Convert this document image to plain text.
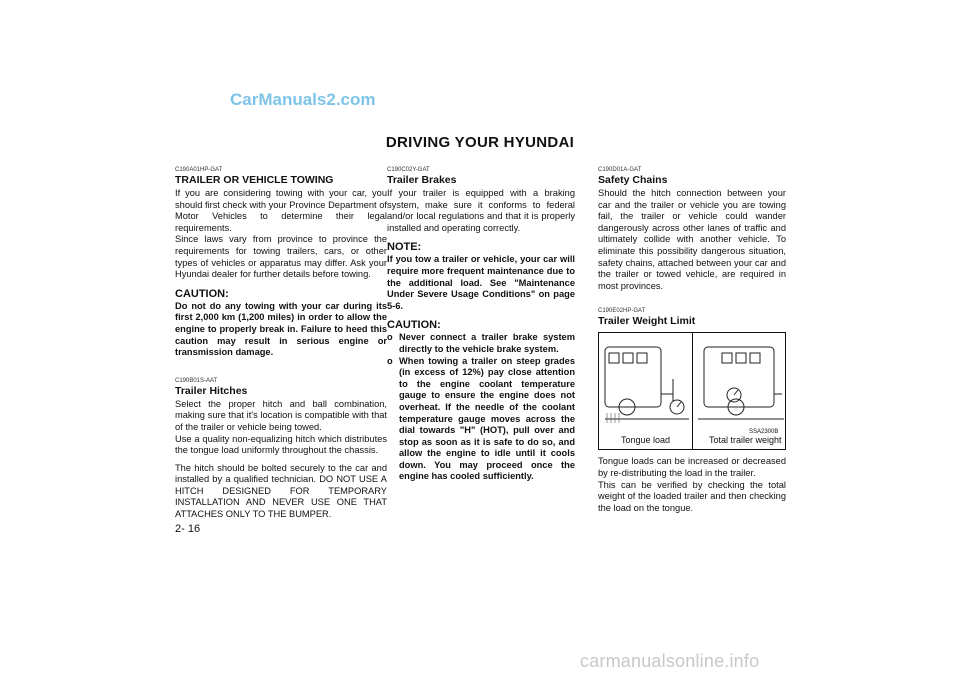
CarManuals2.com
DRIVING YOUR HYUNDAI

C190A01HP-GAT

TRAILER OR VEHICLE TOWING

If you are considering towing with your car, you should first check with your Province Department of Motor Vehicles to determine their legal requirements.

Since laws vary from province to province the requirements for towing trailers, cars, or other types of vehicles or apparatus may differ. Ask your Hyundai dealer for further details before towing.

CAUTION:

Do not do any towing with your car during its first 2,000 km (1,200 miles) in order to allow the engine to properly break in. Failure to heed this caution may result in serious engine or transmission damage.

C190B01S-AAT

Trailer Hitches

Select the proper hitch and ball combination, making sure that it's location is compatible with that of the trailer or vehicle being towed.

Use a quality non-equalizing hitch which distributes the tongue load uniformly throughout the chassis.

The hitch should be bolted securely to the car and installed by a qualified technician. DO NOT USE A HITCH DESIGNED FOR TEMPORARY INSTALLATION AND NEVER USE ONE THAT ATTACHES ONLY TO THE BUMPER.

C190C02Y-GAT

Trailer Brakes

If your trailer is equipped with a braking system, make sure it conforms to federal and/or local regulations and that it is properly installed and operating correctly.

NOTE:

If you tow a trailer or vehicle, your car will require more frequent maintenance due to the additional load. See "Maintenance Under Severe Usage Conditions" on page 5-6.

CAUTION:

o Never connect a trailer brake system directly to the vehicle brake system.
o When towing a trailer on steep grades (in excess of 12%) pay close attention to the engine coolant temperature gauge to ensure the engine does not overheat. If the needle of the coolant temperature gauge moves across the dial towards "H" (HOT), pull over and stop as soon as it is safe to do so, and allow the engine to idle until it cools down. You may proceed once the engine has cooled sufficiently.

C190D01A-GAT

Safety Chains

Should the hitch connection between your car and the trailer or vehicle you are towing fail, the trailer or vehicle could wander dangerously across other lanes of traffic and ultimately collide with another vehicle. To eliminate this possibility dangerous situation, safety chains, attached between your car and the trailer or towed vehicle, are required in most provinces.

C190E02HP-GAT

Trailer Weight Limit

SSA2300B
Tongue load	Total trailer weight

Tongue loads can be increased or decreased by re-distributing the load in the trailer.

This can be verified by checking the total weight of the loaded trailer and then checking the load on the tongue.

2- 16
carmanualsonline.info
